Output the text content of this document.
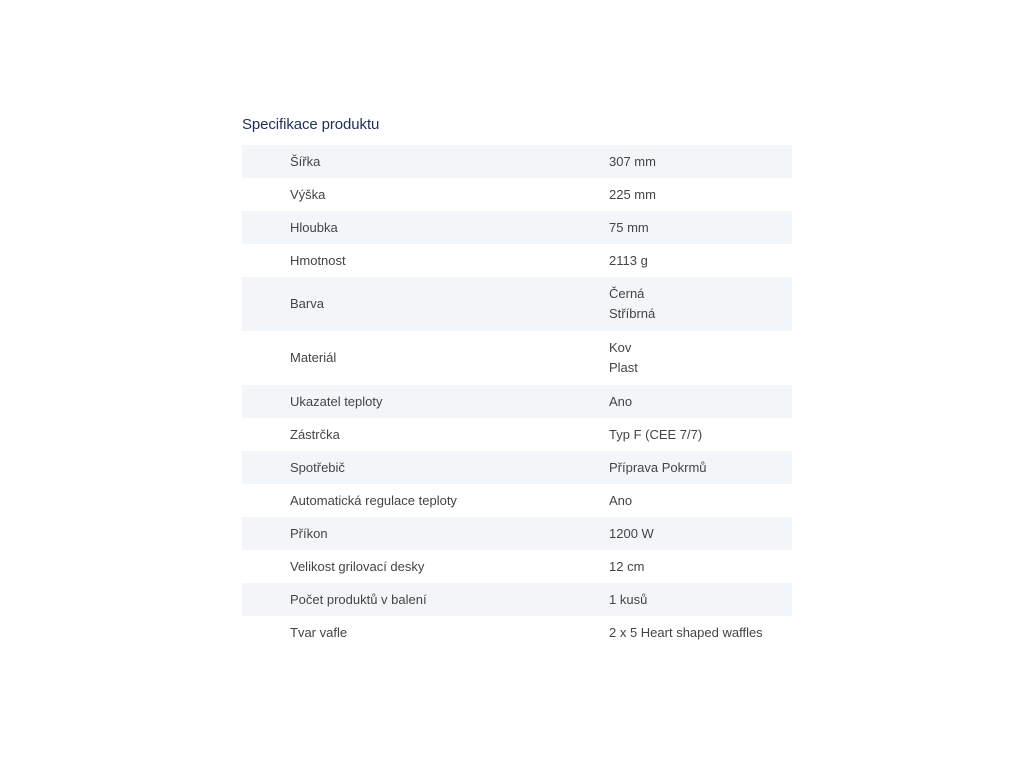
Specifikace produktu
Šířka	307 mm

Výška	225 mm

Hloubka	75 mm

Hmotnost	2113 g

Barva	Černá
Stříbrná

Materiál	Kov
Plast

Ukazatel teploty	Ano

Zástrčka	Typ F (CEE 7/7)

Spotřebič	Příprava Pokrmů

Automatická regulace teploty	Ano

Příkon	1200 W

Velikost grilovací desky	12 cm

Počet produktů v balení	1 kusů

Tvar vafle	2 x 5 Heart shaped waffles
